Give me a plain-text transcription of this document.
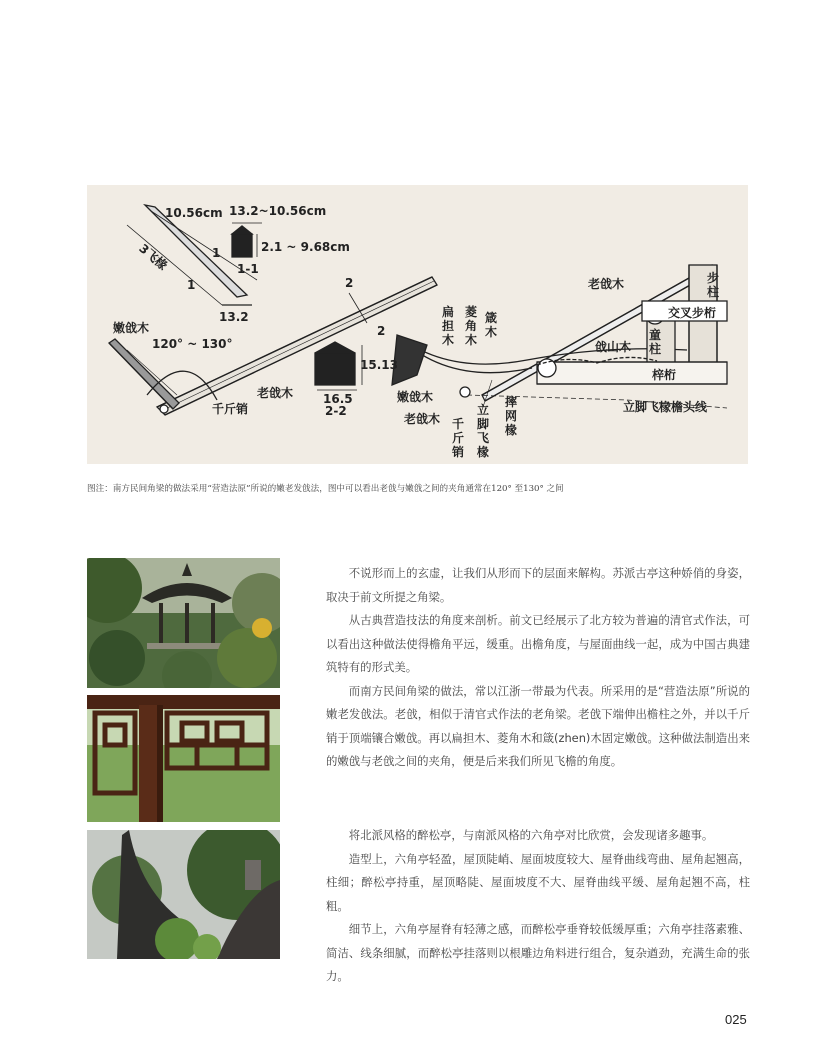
10.56cm
3飞椽	1
1
13.2
13.2~10.56cm
2.1 ~ 9.68cm
1-1
2
2
嫩戗木
120° ~ 130°
15.13
16.5
2-2
老戗木
千斤销
老戗木	步柱
扁担木
菱角木
箴木
交叉步桁
童柱
戗山木
梓桁
嫩戗木
老戗木 千斤销
立脚飞椽
摔网椽
立脚飞椽檐头线
图注：南方民间角梁的做法采用“营造法原”所说的嫩老发戗法，图中可以看出老戗与嫩戗之间的夹角通常在120° 至130° 之间

不说形而上的玄虚，让我们从形而下的层面来解构。苏派古亭这种娇俏的身姿，取决于前文所提之角梁。

从古典营造技法的角度来剖析。前文已经展示了北方较为普遍的清官式作法，可以看出这种做法使得檐角平远，缓重。出檐角度，与屋面曲线一起，成为中国古典建筑特有的形式美。

而南方民间角梁的做法，常以江浙一带最为代表。所采用的是“营造法原”所说的嫩老发戗法。老戗，相似于清官式作法的老角梁。老戗下端伸出檐柱之外，并以千斤销于顶端镶合嫩戗。再以扁担木、菱角木和箴(zhen)木固定嫩戗。这种做法制造出来的嫩戗与老戗之间的夹角，便是后来我们所见飞檐的角度。

将北派风格的醉松亭，与南派风格的六角亭对比欣赏，会发现诸多趣事。

造型上，六角亭轻盈，屋顶陡峭、屋面坡度较大、屋脊曲线弯曲、屋角起翘高，柱细；醉松亭持重，屋顶略陡、屋面坡度不大、屋脊曲线平缓、屋角起翘不高，柱粗。

细节上，六角亭屋脊有轻薄之感，而醉松亭垂脊较低缓厚重；六角亭挂落素雅、简洁、线条细腻，而醉松亭挂落则以根雕边角料进行组合，复杂遒劲，充满生命的张力。

025
